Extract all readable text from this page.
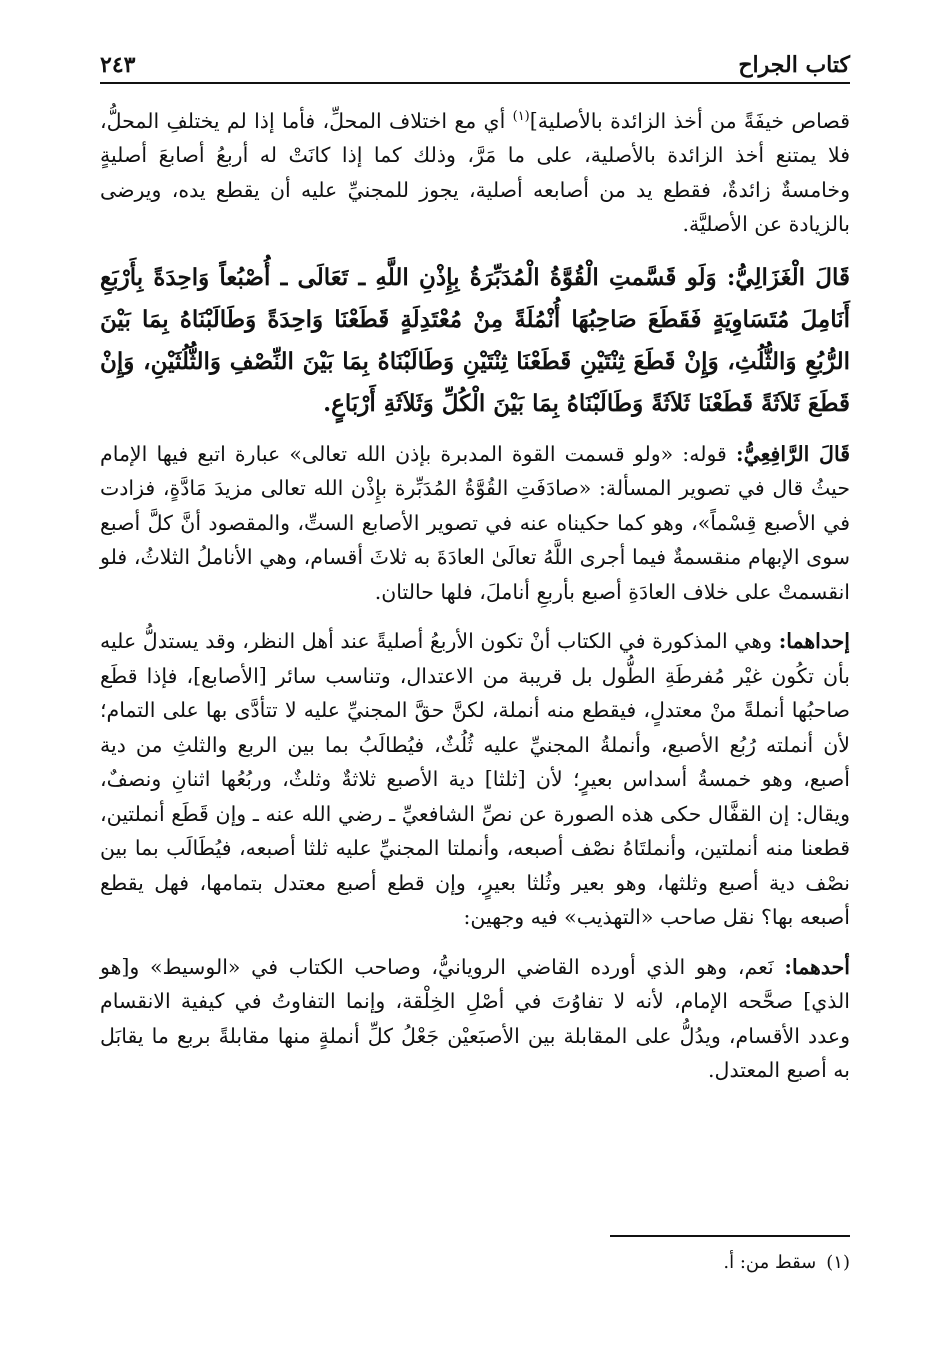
كتاب الجراح
٢٤٣

قصاص خيفَةً من أخذ الزائدة بالأصلية]$^{(١)}$ أي مع اختلاف المحلِّ، فأما إذا لم يختلفِ المحلُّ، فلا يمتنع أخذ الزائدة بالأصلية، على ما مَرَّ، وذلك كما إذا كانَتْ له أربعُ أصابعَ أصليةٍ وخامسةٌ زائدةٌ، فقطع يد من أصابعه أصلية، يجوز للمجنيِّ عليه أن يقطع يده، ويرضى بالزيادة عن الأصليَّة.

قَالَ الْغَزَالِيُّ: وَلَو قَسَّمتِ الْقُوَّةُ الْمُدَبِّرَةُ بِإِذْنِ اللَّهِ ـ تَعَالَى ـ أُصْبُعاً وَاحِدَةً بِأَرْبَعِ أَنَامِلَ مُتَسَاوِيَةٍ فَقَطَعَ صَاحِبُهَا أُنْمُلَةً مِنْ مُعْتَدِلَةٍ قَطَعْنَا وَاحِدَةً وَطَالَبْنَاهُ بِمَا بَيْنَ الرُّبُعِ وَالثُّلُثِ، وَإِنْ قَطَعَ ثِنْتَيْنِ قَطَعْنَا ثِنْتَيْنِ وَطَالَبْنَاهُ بِمَا بَيْنَ النِّصْفِ وَالثُّلُثَيْنِ، وَإِنْ قَطَعَ ثَلاَثَةً قَطَعْنَا ثَلاَثَةً وَطَالَبْنَاهُ بِمَا بَيْنَ الْكُلِّ وَثَلاَثَةِ أَرْبَاعٍ.

قَالَ الرَّافِعِيُّ: قوله: «ولو قسمت القوة المدبرة بإذن الله تعالى» عبارة اتبع فيها الإمام حيثُ قال في تصوير المسألة: «صادَفَتِ القُوَّةُ المُدَبِّرة بإِذْن الله تعالى مزيدَ مَادَّةٍ، فزادت في الأصبع قِسْماً»، وهو كما حكيناه عنه في تصوير الأصابع الستِّ، والمقصود أنَّ كلَّ أصبع سوى الإبهام منقسمةٌ فيما أجرى اللَّهُ تعالَىٰ العادَةَ به ثلاثَ أقسام، وهي الأناملُ الثلاثُ، فلو انقسمتْ على خلاف العادَةِ أصبع بأربعِ أناملَ، فلها حالتان.

إحداهما: وهي المذكورة في الكتاب أنْ تكون الأربعُ أصليةً عند أهل النظر، وقد يستدلُّ عليه بأن تكُون غيْر مُفرطَةِ الطُّول بل قريبة من الاعتدال، وتناسب سائر [الأصابع]، فإذا قطَع صاحبُها أنملةً منْ معتدلٍ، فيقطع منه أنملة، لكنَّ حقَّ المجنيِّ عليه لا تتأدَّى بها على التمام؛ لأن أنملته رُبُع الأصبع، وأنملةُ المجنيِّ عليه ثُلُثٌ، فيُطالَبُ بما بين الربع والثلثِ من دية أصبع، وهو خمسةُ أسداس بعيرٍ؛ لأن [ثلثا] دية الأصبع ثلاثةٌ وثلثٌ، وربُعُها اثنانِ ونصفٌ، ويقال: إن القفَّال حكى هذه الصورة عن نصِّ الشافعيِّ ـ رضي الله عنه ـ وإن قَطَع أنملتين، قطعنا منه أنملتين، وأنملتَاهُ نصْف أصبعه، وأنملتا المجنيِّ عليه ثلثا أصبعه، فيُطَالَب بما بين نصْف دية أصبع وثلثها، وهو بعير وثُلثا بعيرٍ، وإن قطع أصبع معتدل بتمامها، فهل يقطع أصبعه بها؟ نقل صاحب «التهذيب» فيه وجهين:

أحدهما: نَعم، وهو الذي أورده القاضي الرويانيُّ، وصاحب الكتاب في «الوسيط» و[هو الذي] صحَّحه الإمام، لأنه لا تفاوُتَ في أصْلِ الخِلْقة، وإنما التفاوتُ في كيفية الانقسام وعدد الأقسام، ويدُلُّ على المقابلة بين الأصبَعيْن جَعْلُ كلِّ أنملةٍ منها مقابلةً بربع ما يقابَل به أصبع المعتدل.

(١)سقط من: أ.
